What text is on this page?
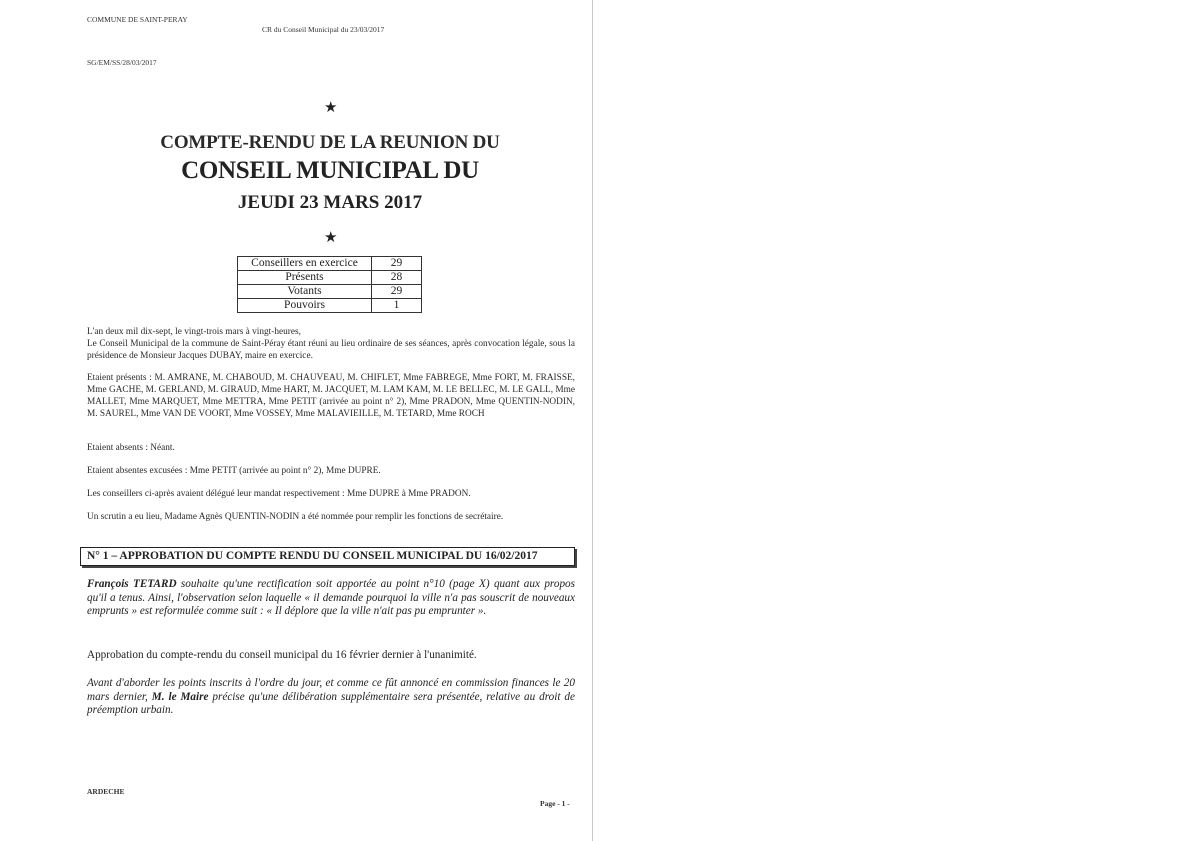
COMMUNE DE SAINT-PERAY
CR du Conseil Municipal du 23/03/2017
SG/EM/SS/28/03/2017
★
COMPTE-RENDU DE LA REUNION DU
CONSEIL MUNICIPAL DU
JEUDI 23 MARS 2017
★
Conseillers en exercice	29
Présents	28
Votants	29
Pouvoirs	1
L'an deux mil dix-sept, le vingt-trois mars à vingt-heures,
Le Conseil Municipal de la commune de Saint-Péray étant réuni au lieu ordinaire de ses séances, après convocation légale, sous la présidence de Monsieur Jacques DUBAY, maire en exercice.
Etaient présents : M. AMRANE, M. CHABOUD, M. CHAUVEAU, M. CHIFLET, Mme FABREGE, Mme FORT, M. FRAISSE, Mme GACHE, M. GERLAND, M. GIRAUD, Mme HART, M. JACQUET, M. LAM KAM, M. LE BELLEC, M. LE GALL, Mme MALLET, Mme MARQUET, Mme METTRA, Mme PETIT (arrivée au point n° 2), Mme PRADON, Mme QUENTIN-NODIN, M. SAUREL, Mme VAN DE VOORT, Mme VOSSEY, Mme MALAVIEILLE, M. TETARD, Mme ROCH
Etaient absents : Néant.
Etaient absentes excusées : Mme PETIT (arrivée au point n° 2), Mme DUPRE.
Les conseillers ci-après avaient délégué leur mandat respectivement : Mme DUPRE à Mme PRADON.
Un scrutin a eu lieu, Madame Agnès QUENTIN-NODIN a été nommée pour remplir les fonctions de secrétaire.
N° 1 – APPROBATION DU COMPTE RENDU DU CONSEIL MUNICIPAL DU 16/02/2017
François TETARD souhaite qu'une rectification soit apportée au point n°10 (page X) quant aux propos qu'il a tenus. Ainsi, l'observation selon laquelle « il demande pourquoi la ville n'a pas souscrit de nouveaux emprunts » est reformulée comme suit : « Il déplore que la ville n'ait pas pu emprunter ».
Approbation du compte-rendu du conseil municipal du 16 février dernier à l'unanimité.
Avant d'aborder les points inscrits à l'ordre du jour, et comme ce fût annoncé en commission finances le 20 mars dernier, M. le Maire précise qu'une délibération supplémentaire sera présentée, relative au droit de préemption urbain.
ARDECHE
Page - 1 -
